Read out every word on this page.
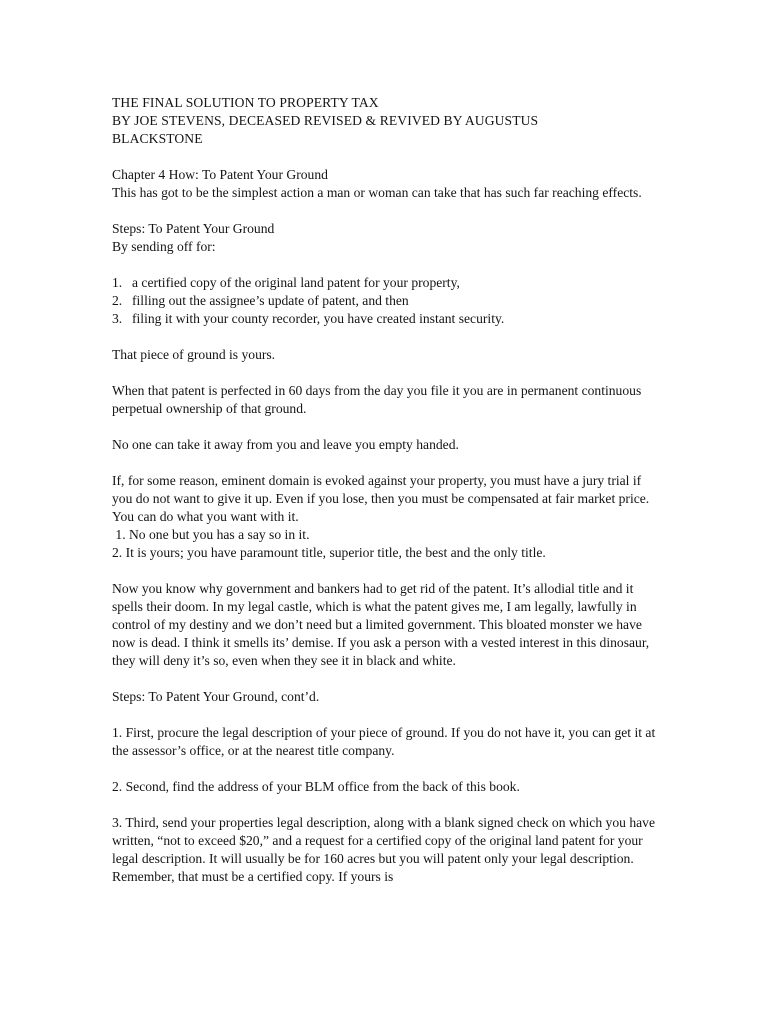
THE FINAL SOLUTION TO PROPERTY TAX

BY JOE STEVENS, DECEASED REVISED & REVIVED BY AUGUSTUS

BLACKSTONE

Chapter 4 How: To Patent Your Ground

This has got to be the simplest action a man or woman can take that has such far reaching effects.

Steps: To Patent Your Ground

By sending off for:

1. a certified copy of the original land patent for your property,

2. filling out the assignee’s update of patent, and then

3. filing it with your county recorder, you have created instant security.

That piece of ground is yours.

When that patent is perfected in 60 days from the day you file it you are in permanent continuous perpetual ownership of that ground.

No one can take it away from you and leave you empty handed.

If, for some reason, eminent domain is evoked against your property, you must have a jury trial if you do not want to give it up. Even if you lose, then you must be compensated at fair market price. You can do what you want with it.

1. No one but you has a say so in it.

2. It is yours; you have paramount title, superior title, the best and the only title.

Now you know why government and bankers had to get rid of the patent. It’s allodial title and it spells their doom. In my legal castle, which is what the patent gives me, I am legally, lawfully in control of my destiny and we don’t need but a limited government. This bloated monster we have now is dead. I think it smells its’ demise. If you ask a person with a vested interest in this dinosaur, they will deny it’s so, even when they see it in black and white.

Steps: To Patent Your Ground, cont’d.

1. First, procure the legal description of your piece of ground. If you do not have it, you can get it at the assessor’s office, or at the nearest title company.

2. Second, find the address of your BLM office from the back of this book.

3. Third, send your properties legal description, along with a blank signed check on which you have written, “not to exceed $20,” and a request for a certified copy of the original land patent for your legal description. It will usually be for 160 acres but you will patent only your legal description. Remember, that must be a certified copy. If yours is
